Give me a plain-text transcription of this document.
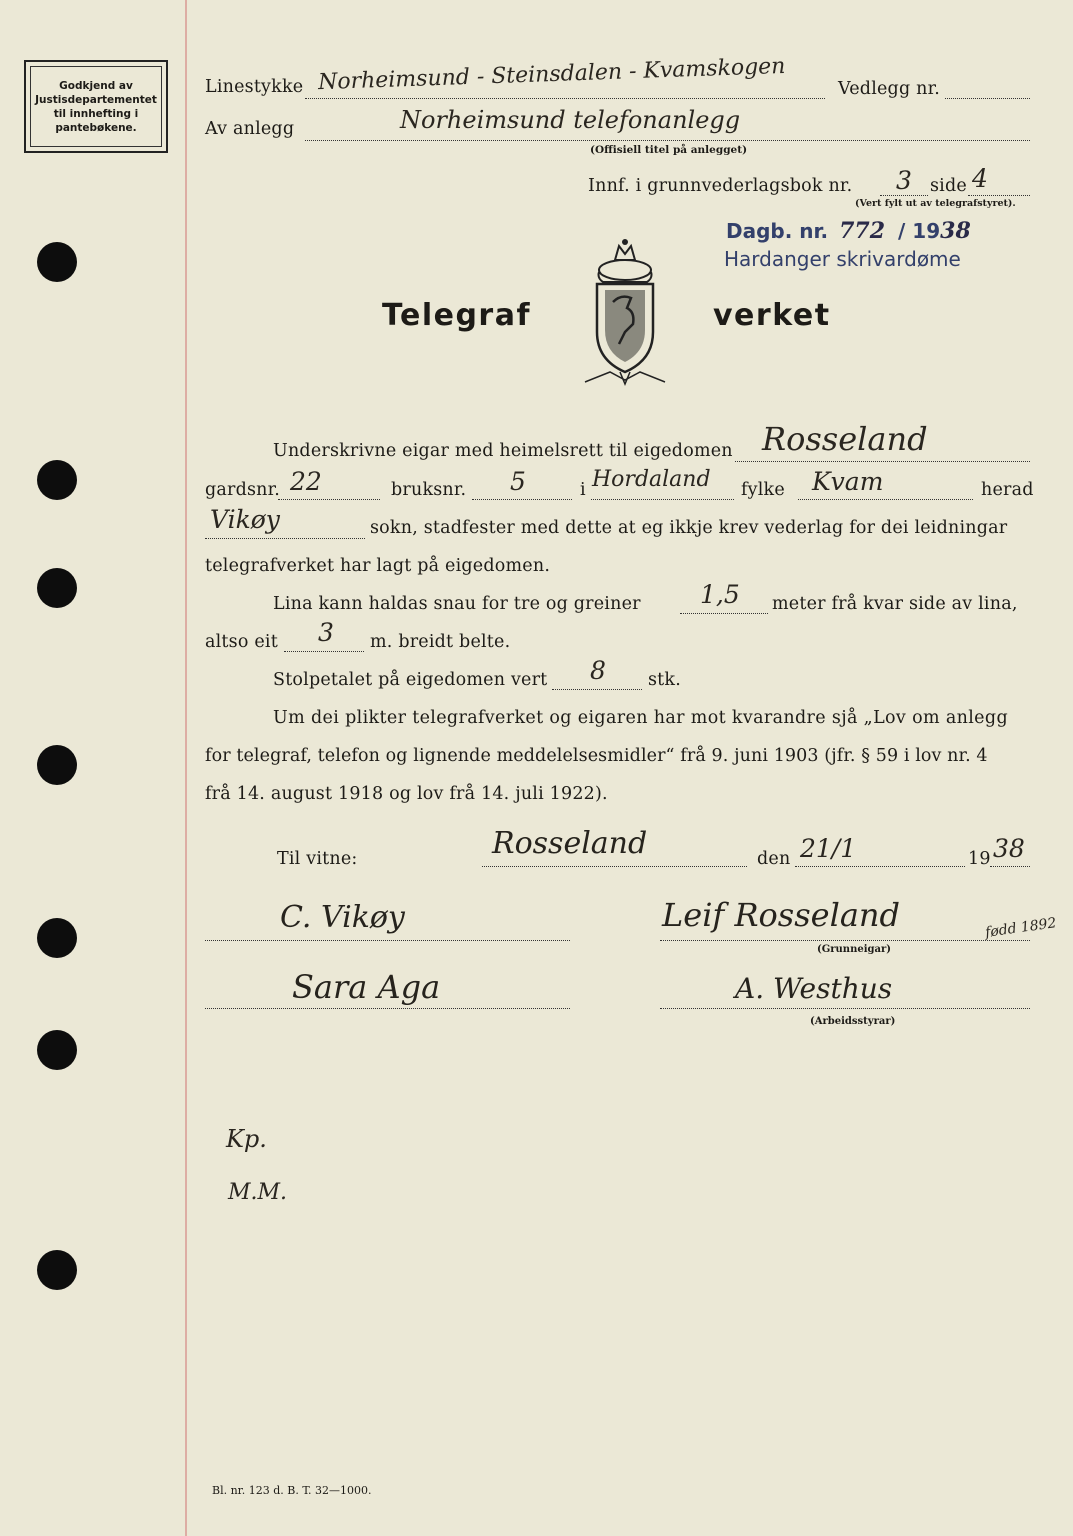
Godkjend av
Justisdepartementet
til innhefting i
pantebøkene.
Linestykke Norheimsund - Steinsdalen - Kvamskogen	Vedlegg nr.
Av anlegg	Norheimsund telefonanlegg
(Offisiell titel på anlegget)
Innf. i grunnvederlagsbok nr. 3 side 4
(Vert fylt ut av telegrafstyret).
Dagb. nr. 772 / 1938
Hardanger skrivardøme
Telegraf	verket
Underskrivne eigar med heimelsrett til eigedomen Rosseland
gardsnr. 22	bruksnr. 5	i Hordaland fylke Kvam	herad
Vikøy	sokn, stadfester med dette at eg ikkje krev vederlag for dei leidningar
telegrafverket har lagt på eigedomen.
Lina kann haldas snau for tre og greiner 1,5 meter frå kvar side av lina,
altso eit 3 m. breidt belte.
Stolpetalet på eigedomen vert 8 stk.
Um dei plikter telegrafverket og eigaren har mot kvarandre sjå „Lov om anlegg
for telegraf, telefon og lignende meddelelsesmidler“ frå 9. juni 1903 (jfr. § 59 i lov nr. 4
frå 14. august 1918 og lov frå 14. juli 1922).
Til vitne:	Rosseland	den 21/1	19 38
C. Vikøy	Leif Rosseland	fødd 1892
(Grunneigar)
Sara Aga	A. Westhus
(Arbeidsstyrar)
Kp.
M.M.
Bl. nr. 123 d. B. T. 32—1000.
